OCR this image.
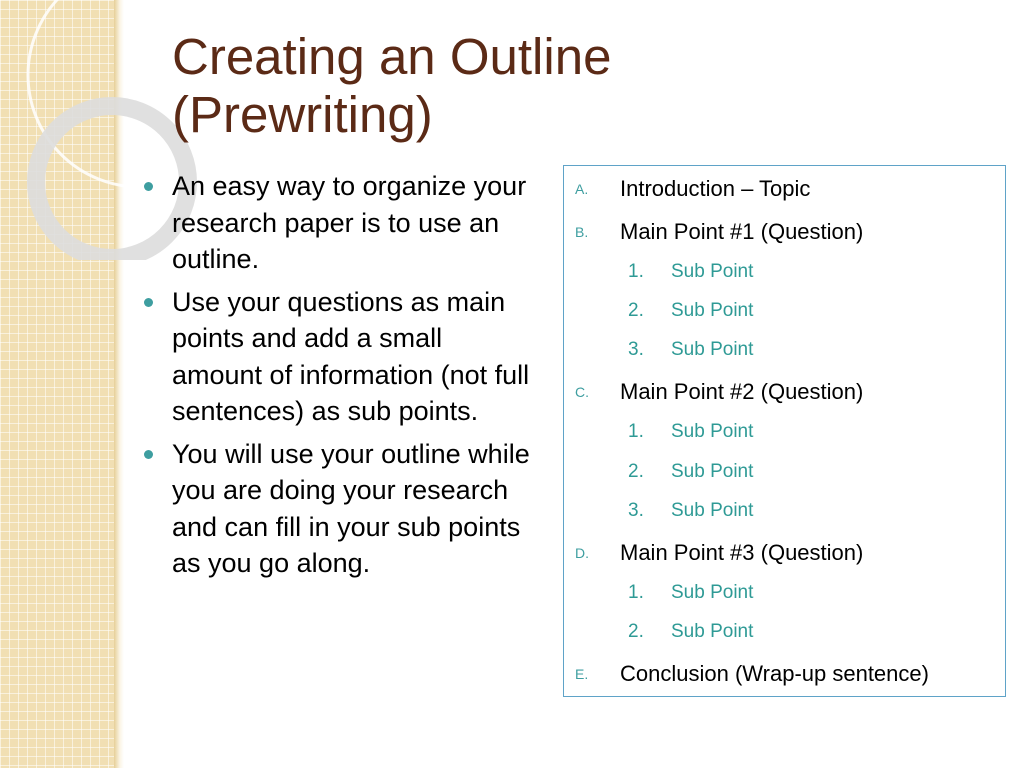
Creating an Outline
(Prewriting)
An easy way to organize your research paper is to use an outline.
Use your questions as main points and add a small amount of information (not full sentences) as sub points.
You will use your outline while you are doing your research and can fill in your sub points as you go along.
A. Introduction – Topic
B. Main Point #1 (Question)
1. Sub Point
2. Sub Point
3. Sub Point
C. Main Point #2 (Question)
1. Sub Point
2. Sub Point
3. Sub Point
D. Main Point #3 (Question)
1. Sub Point
2. Sub Point
E. Conclusion (Wrap-up sentence)
